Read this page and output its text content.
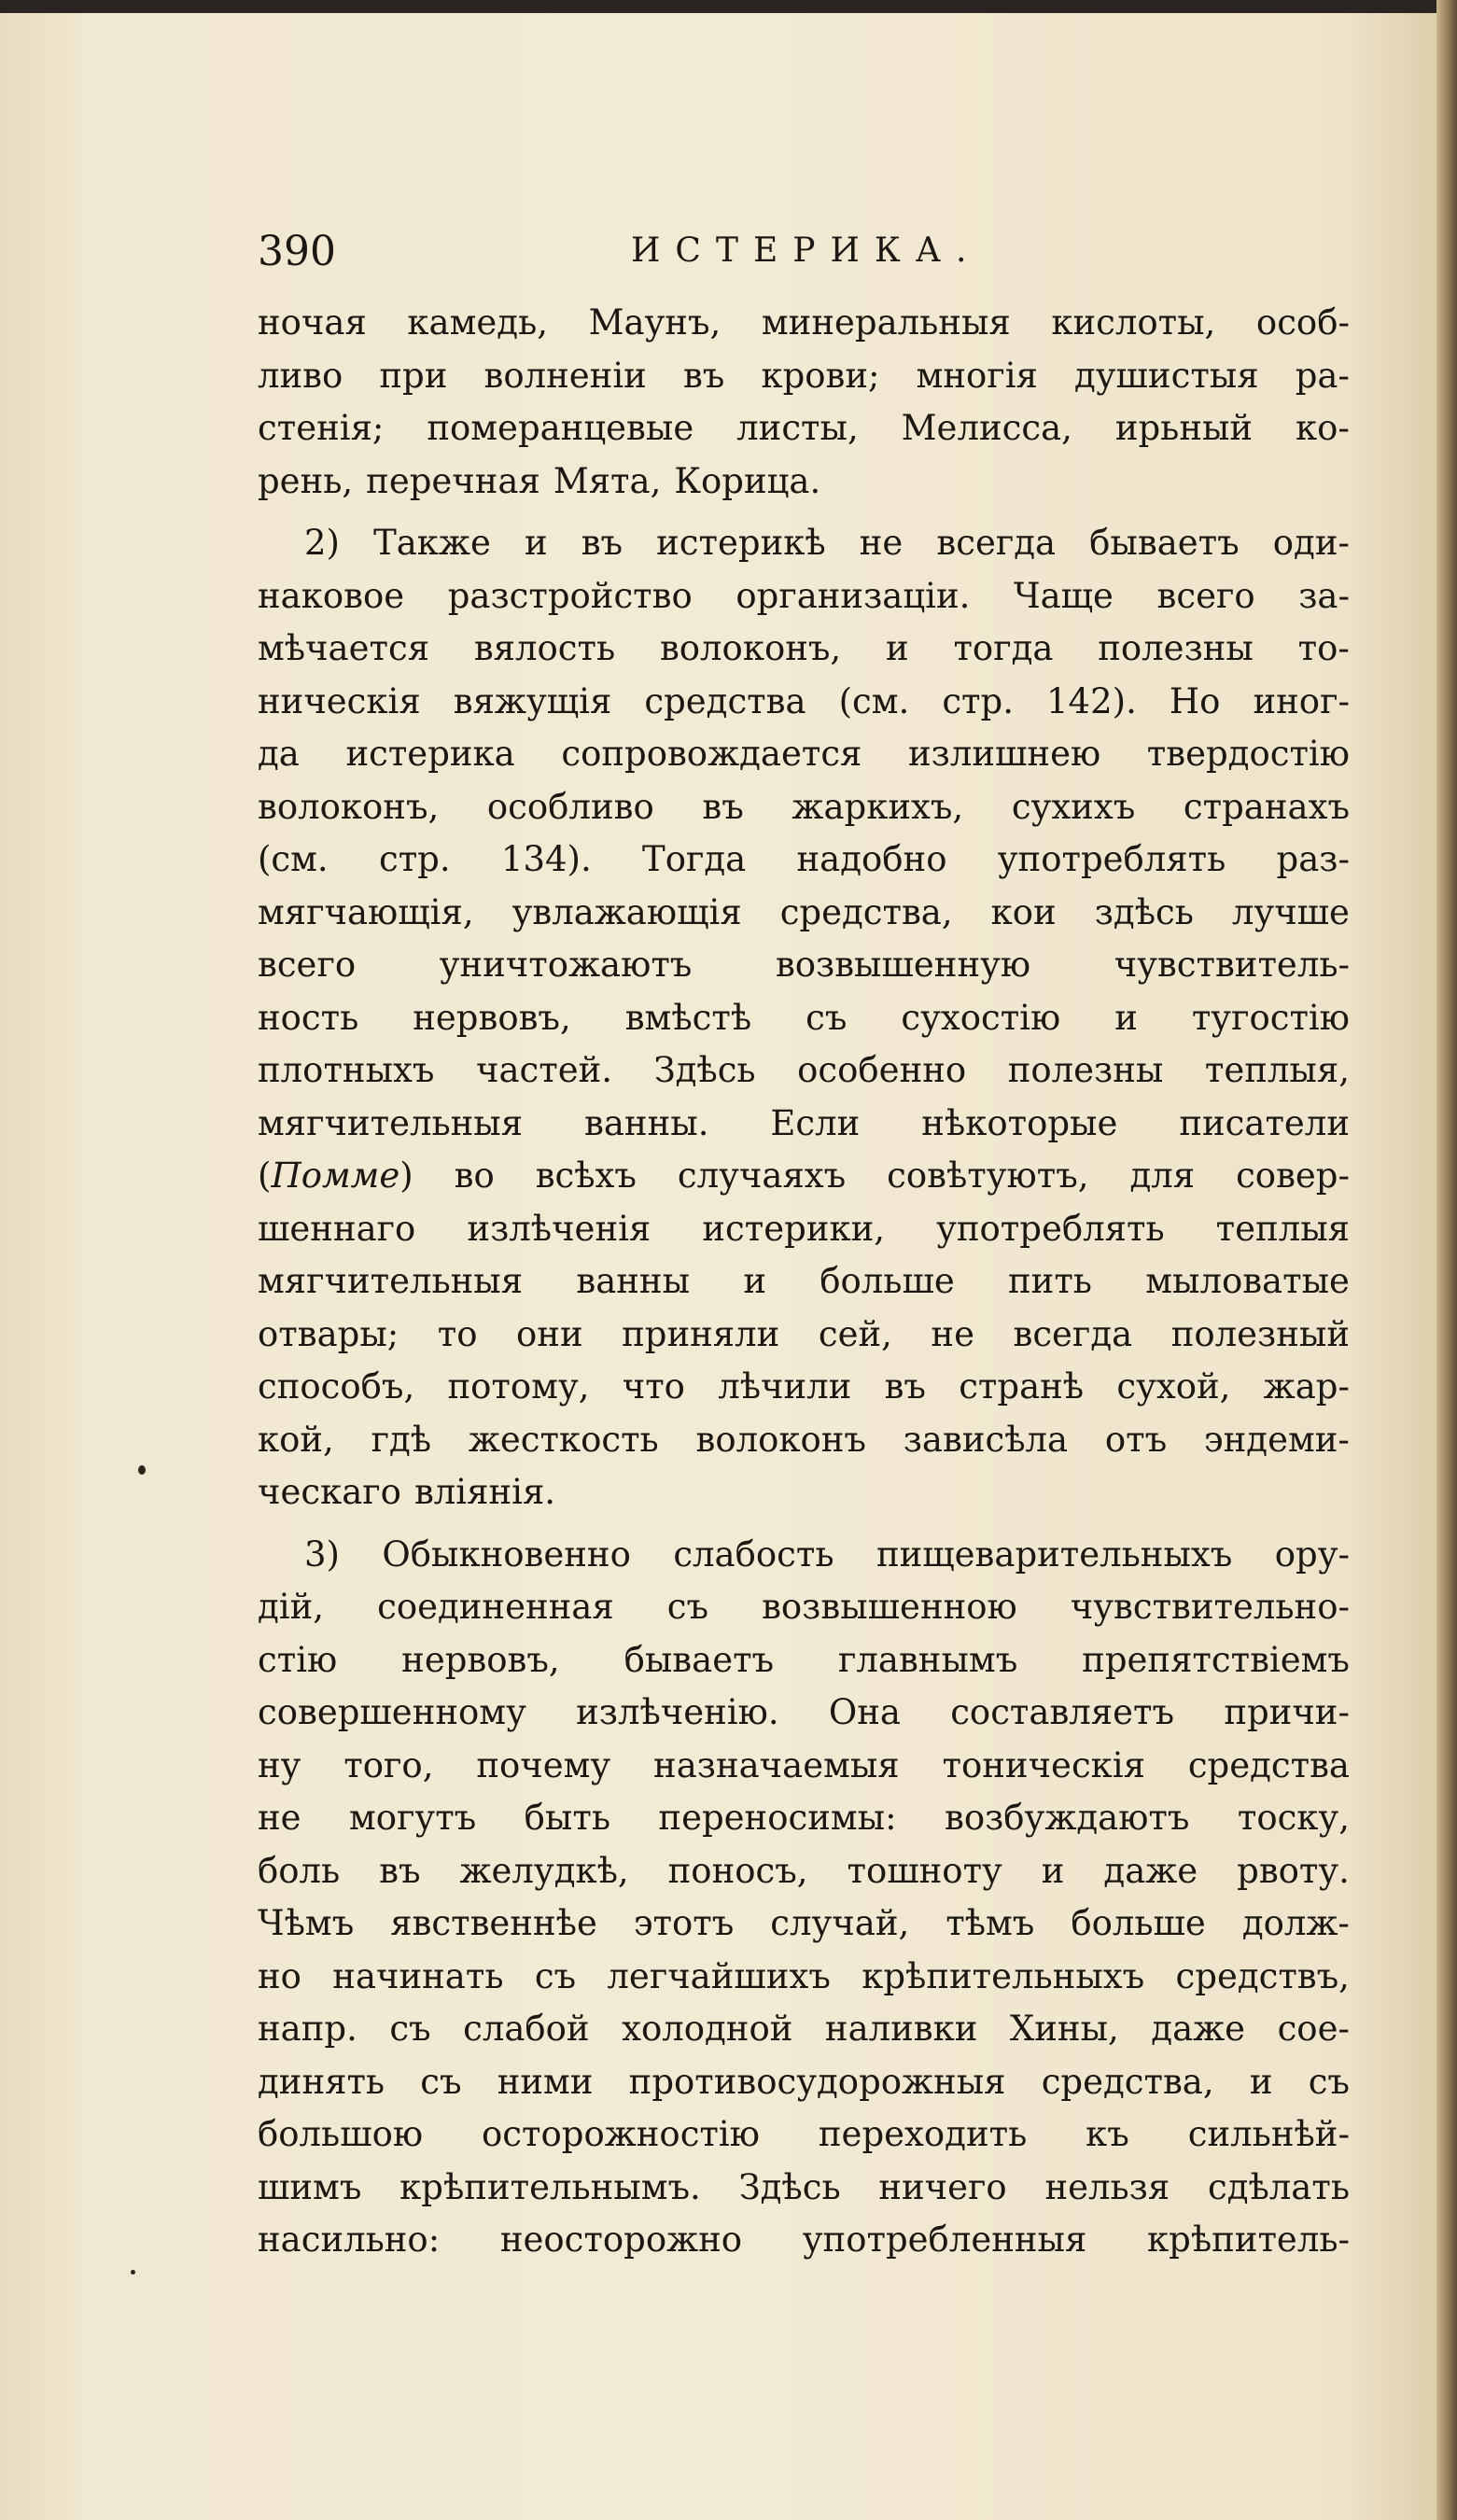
390	ИСТЕРИКА.
ночая камедь, Маунъ, минеральныя кислоты, особ-
ливо при волненіи въ крови; многія душистыя ра-
стенія; померанцевые листы, Мелисса, ирьный ко-
рень, перечная Мята, Корица.
2) Также и въ истерикѣ не всегда бываетъ оди-
наковое разстройство организаціи. Чаще всего за-
мѣчается вялость волоконъ, и тогда полезны то-
ническія вяжущія средства (см. стр. 142). Но иног-
да истерика сопровождается излишнею твердостію
волоконъ, особливо въ жаркихъ, сухихъ странахъ
(см. стр. 134). Тогда надобно употреблять раз-
мягчающія, увлажающія средства, кои здѣсь лучше
всего уничтожаютъ возвышенную чувствитель-
ность нервовъ, вмѣстѣ съ сухостію и тугостію
плотныхъ частей. Здѣсь особенно полезны теплыя,
мягчительныя ванны. Если нѣкоторые писатели
(Помме) во всѣхъ случаяхъ совѣтуютъ, для совер-
шеннаго излѣченія истерики, употреблять теплыя
мягчительныя ванны и больше пить мыловатые
отвары; то они приняли сей, не всегда полезный
способъ, потому, что лѣчили въ странѣ сухой, жар-
кой, гдѣ жесткость волоконъ зависѣла отъ эндеми-
ческаго вліянія.
3) Обыкновенно слабость пищеварительныхъ ору-
дій, соединенная съ возвышенною чувствительно-
стію нервовъ, бываетъ главнымъ препятствіемъ
совершенному излѣченію. Она составляетъ причи-
ну того, почему назначаемыя тоническія средства
не могутъ быть переносимы: возбуждаютъ тоску,
боль въ желудкѣ, поносъ, тошноту и даже рвоту.
Чѣмъ явственнѣе этотъ случай, тѣмъ больше долж-
но начинать съ легчайшихъ крѣпительныхъ средствъ,
напр. съ слабой холодной наливки Хины, даже сое-
динять съ ними противосудорожныя средства, и съ
большою осторожностію переходить къ сильнѣй-
шимъ крѣпительнымъ. Здѣсь ничего нельзя сдѣлать
насильно: неосторожно употребленныя крѣпитель-
